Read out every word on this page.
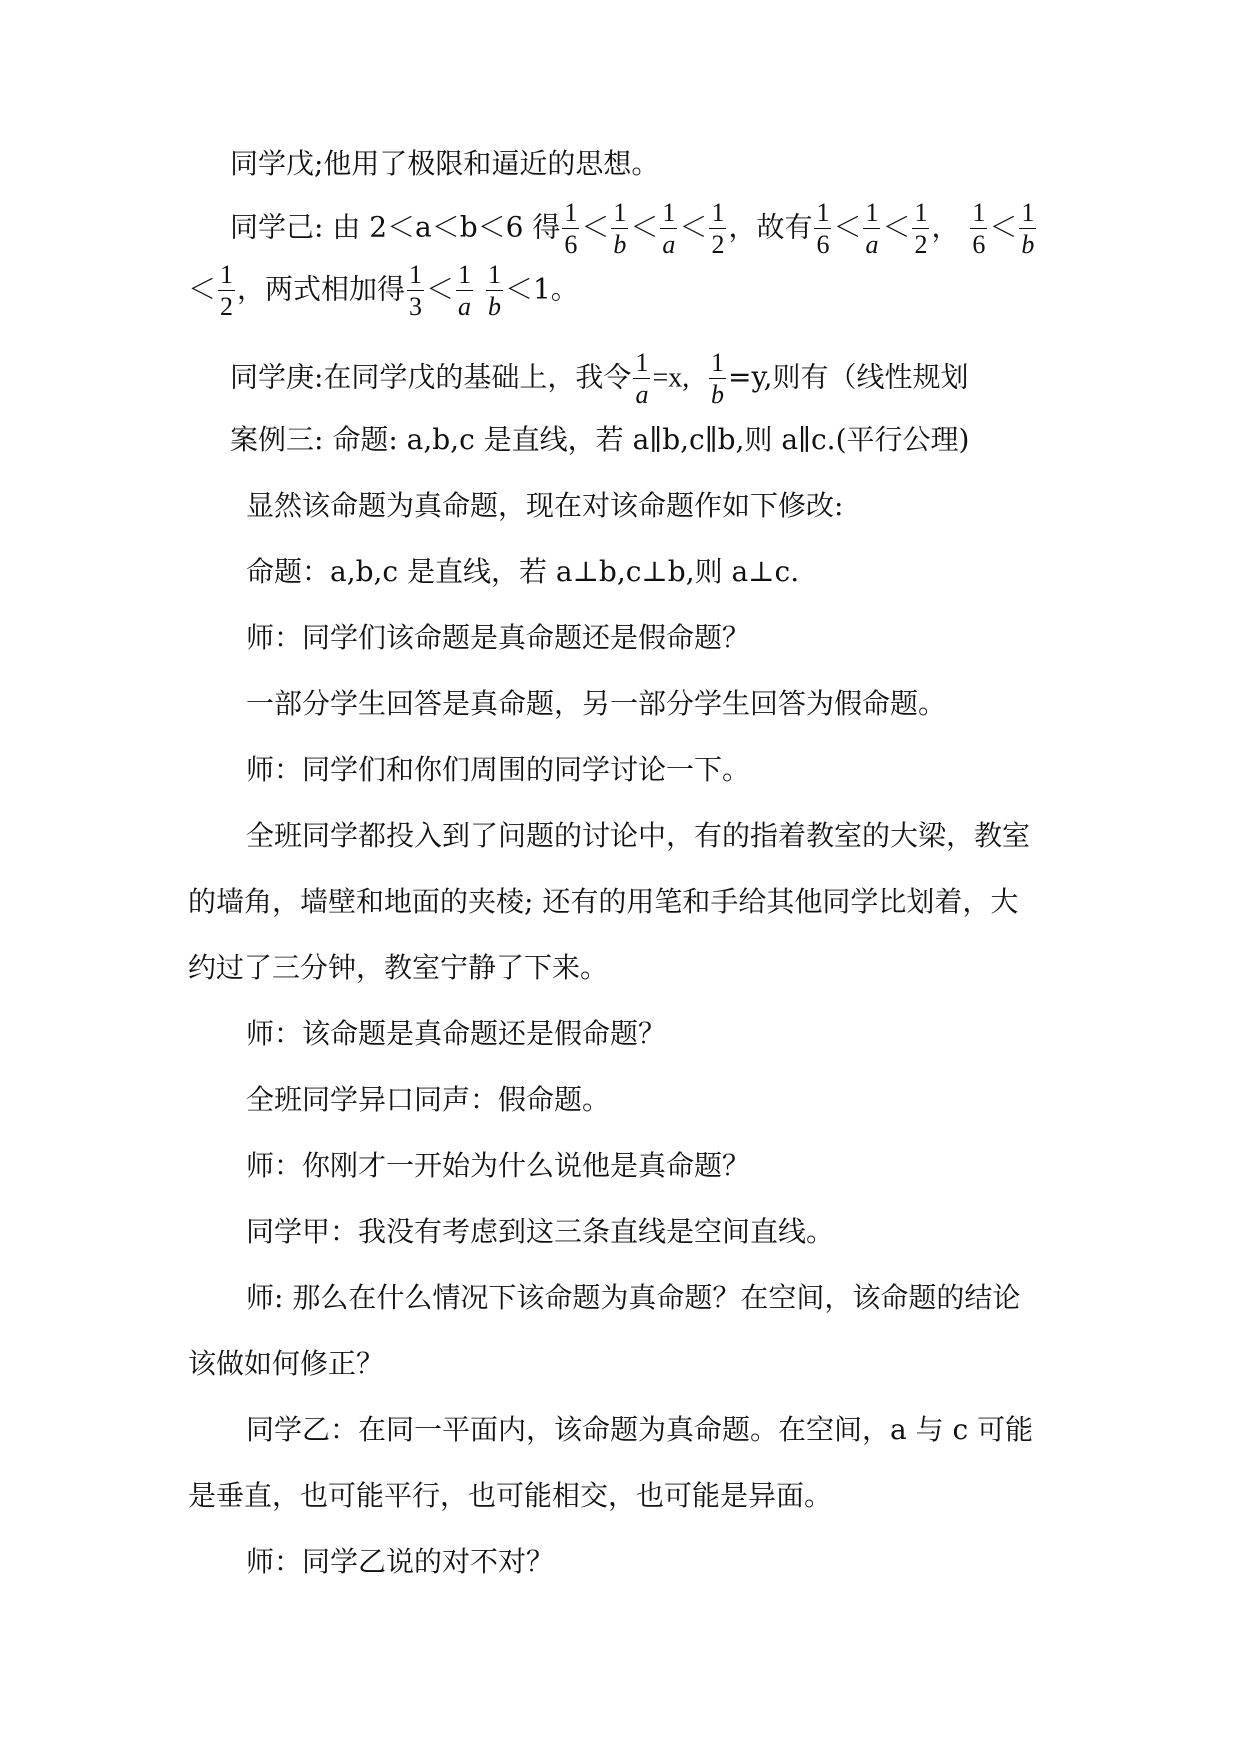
同学戊;他用了极限和逼近的思想。
同学己: 由 2＜a＜b＜6 得 $\frac{1}{6} < \frac{1}{b} < \frac{1}{a} < \frac{1}{2}$ ，故有 $\frac{1}{6} < \frac{1}{a} < \frac{1}{2}$ ， $\frac{1}{6} < \frac{1}{b}$
＜ $\frac{1}{2}$ ，两式相加得 $\frac{1}{3} < \frac{1}{a}$
$\frac{1}{b} <1$。
同学庚:在同学戊的基础上，我令 $\frac{1}{a} =x$, $\frac{1}{b} =y$,则有（线性规划
案例三: 命题: a,b,c 是直线，若 a∥b,c∥b,则 a∥c.(平行公理)
显然该命题为真命题，现在对该命题作如下修改:
命题：a,b,c 是直线，若 a⊥b,c⊥b,则 a⊥c.
师：同学们该命题是真命题还是假命题？
一部分学生回答是真命题，另一部分学生回答为假命题。
师：同学们和你们周围的同学讨论一下。
全班同学都投入到了问题的讨论中，有的指着教室的大梁，教室
的墙角，墙壁和地面的夹棱; 还有的用笔和手给其他同学比划着，大
约过了三分钟，教室宁静了下来。
师：该命题是真命题还是假命题？
全班同学异口同声：假命题。
师：你刚才一开始为什么说他是真命题？
同学甲：我没有考虑到这三条直线是空间直线。
师: 那么在什么情况下该命题为真命题？在空间，该命题的结论
该做如何修正？
同学乙：在同一平面内，该命题为真命题。在空间，a 与 c 可能
是垂直，也可能平行，也可能相交，也可能是异面。
师：同学乙说的对不对？
